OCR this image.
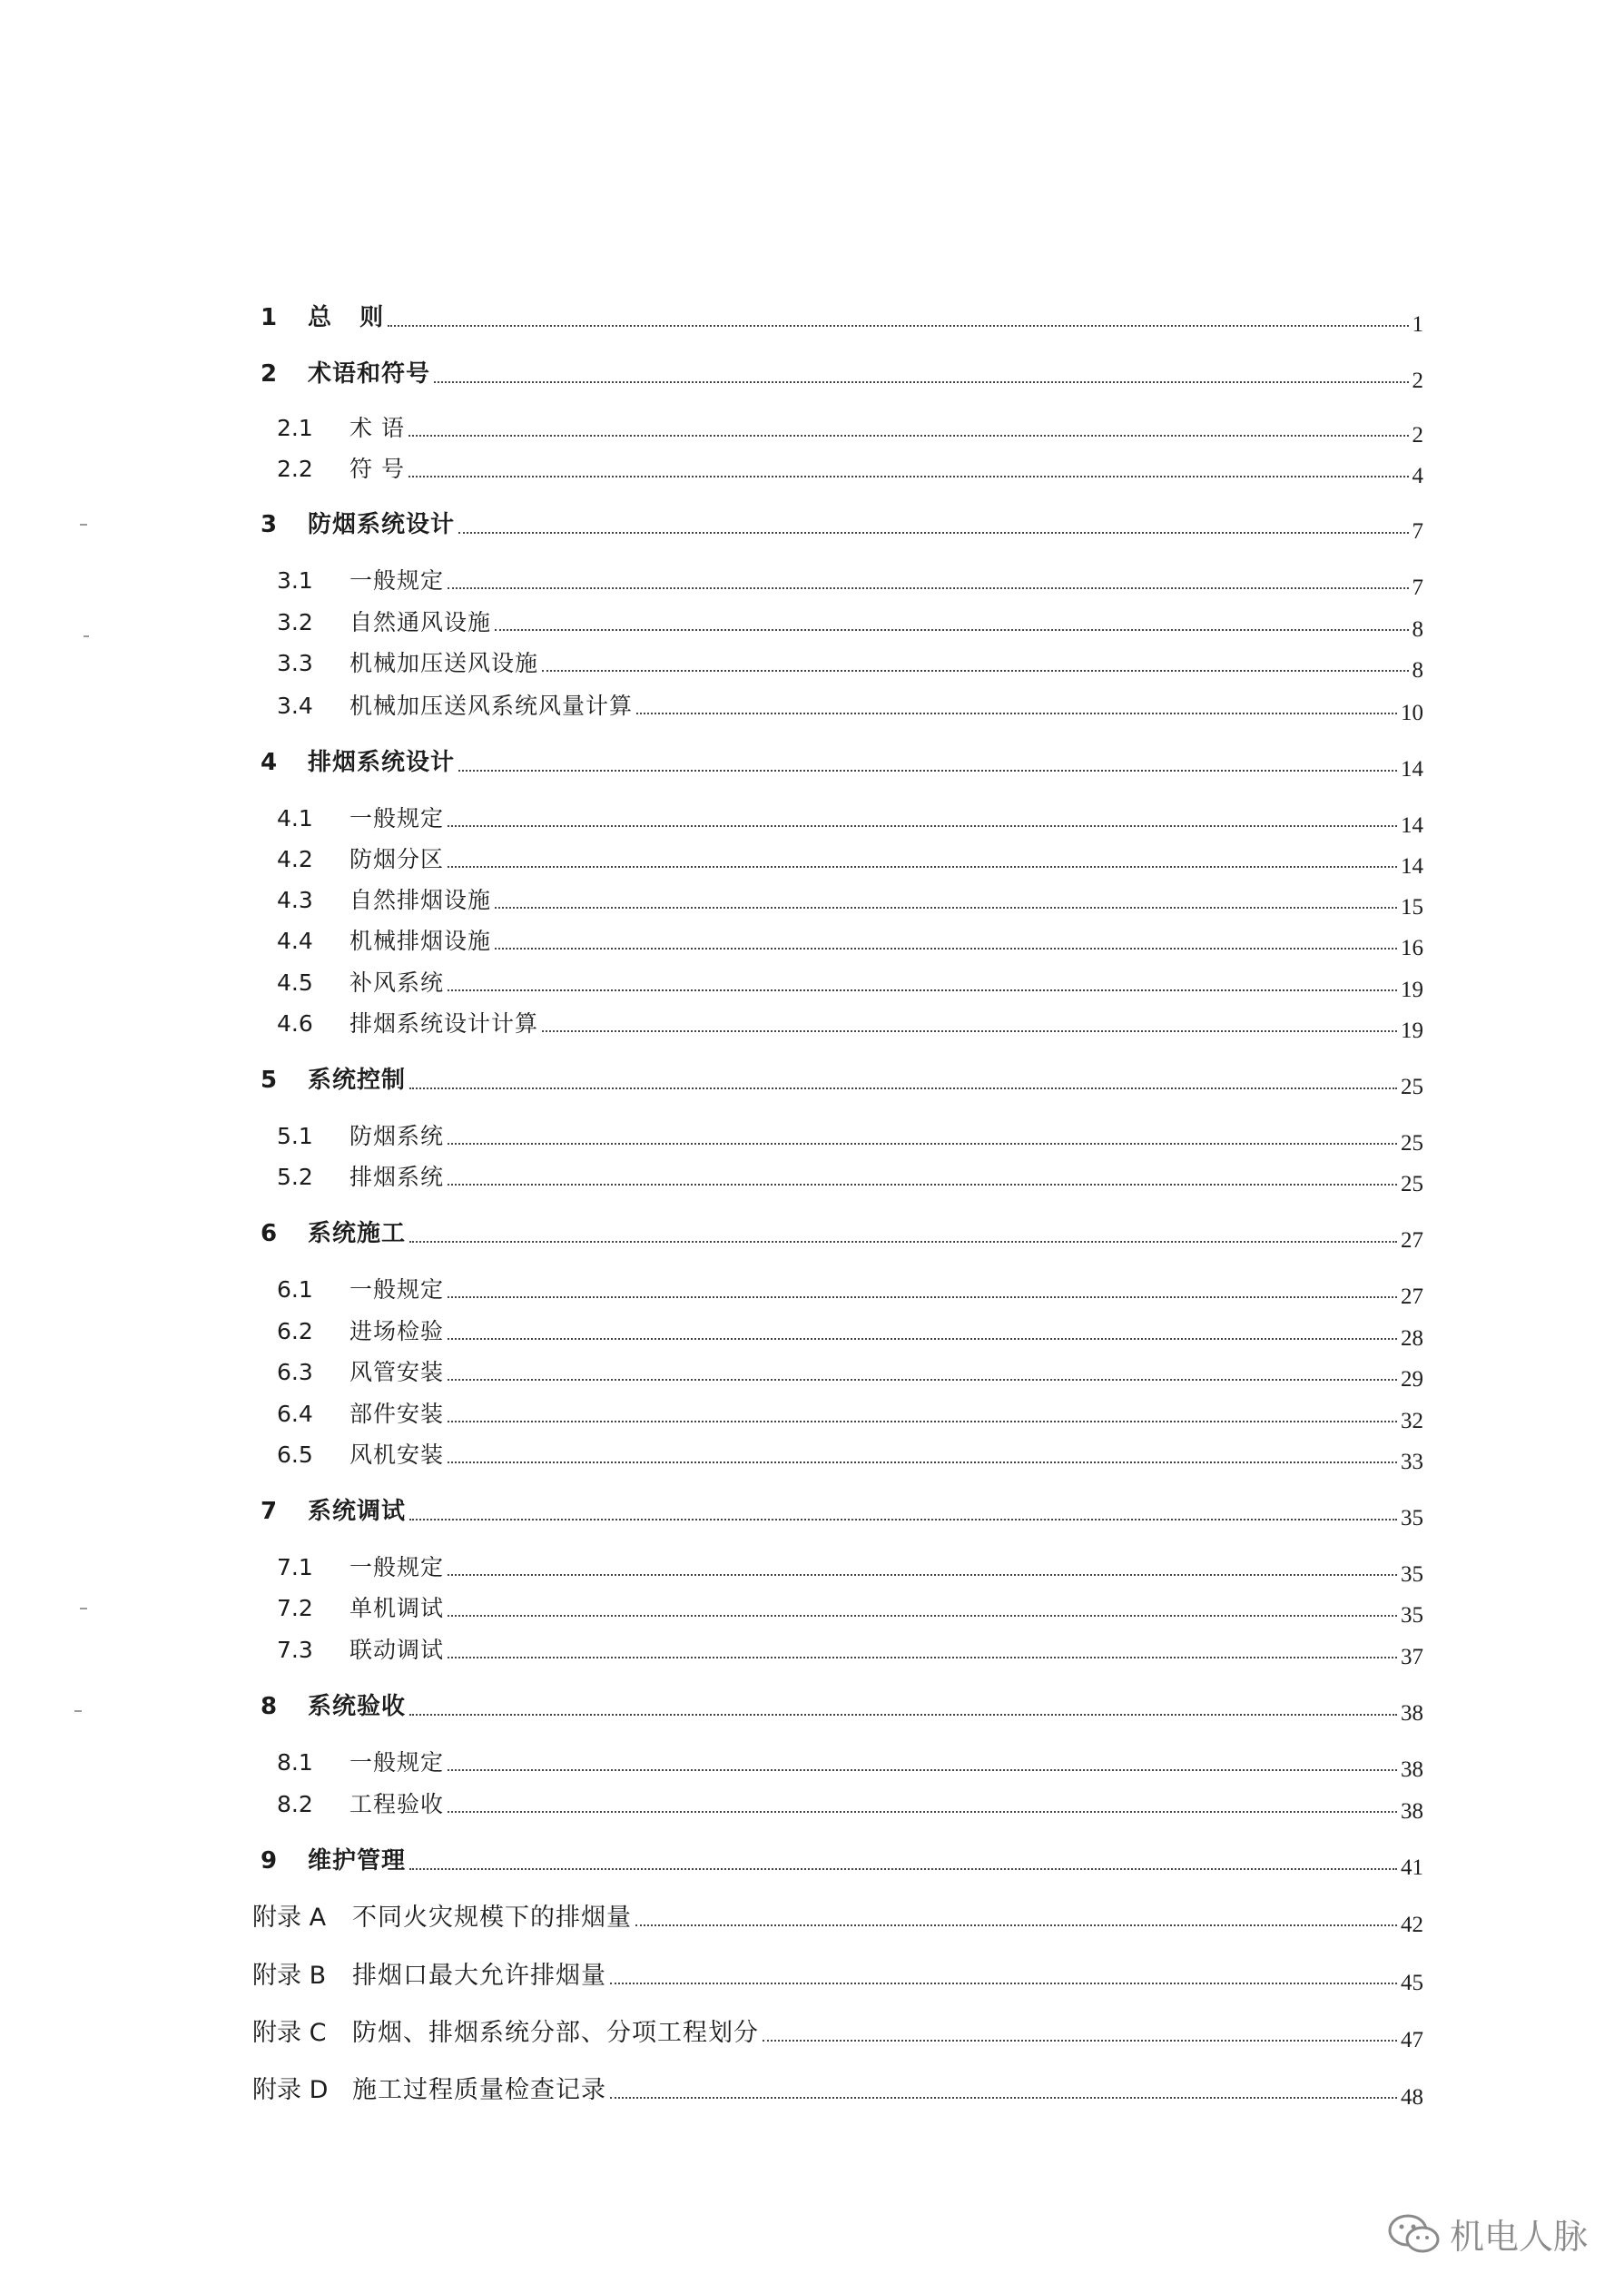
1	总   则	1
2	术语和符号	2
2.1	术 语	2
2.2	符 号	4
3	防烟系统设计	7
3.1	一般规定	7
3.2	自然通风设施	8
3.3	机械加压送风设施	8
3.4	机械加压送风系统风量计算	10
4	排烟系统设计	14
4.1	一般规定	14
4.2	防烟分区	14
4.3	自然排烟设施	15
4.4	机械排烟设施	16
4.5	补风系统	19
4.6	排烟系统设计计算	19
5	系统控制	25
5.1	防烟系统	25
5.2	排烟系统	25
6	系统施工	27
6.1	一般规定	27
6.2	进场检验	28
6.3	风管安装	29
6.4	部件安装	32
6.5	风机安装	33
7	系统调试	35
7.1	一般规定	35
7.2	单机调试	35
7.3	联动调试	37
8	系统验收	38
8.1	一般规定	38
8.2	工程验收	38
9	维护管理	41
附录 A	不同火灾规模下的排烟量	42
附录 B	排烟口最大允许排烟量	45
附录 C	防烟、排烟系统分部、分项工程划分	47
附录 D 施工过程质量检查记录	48
机电人脉
